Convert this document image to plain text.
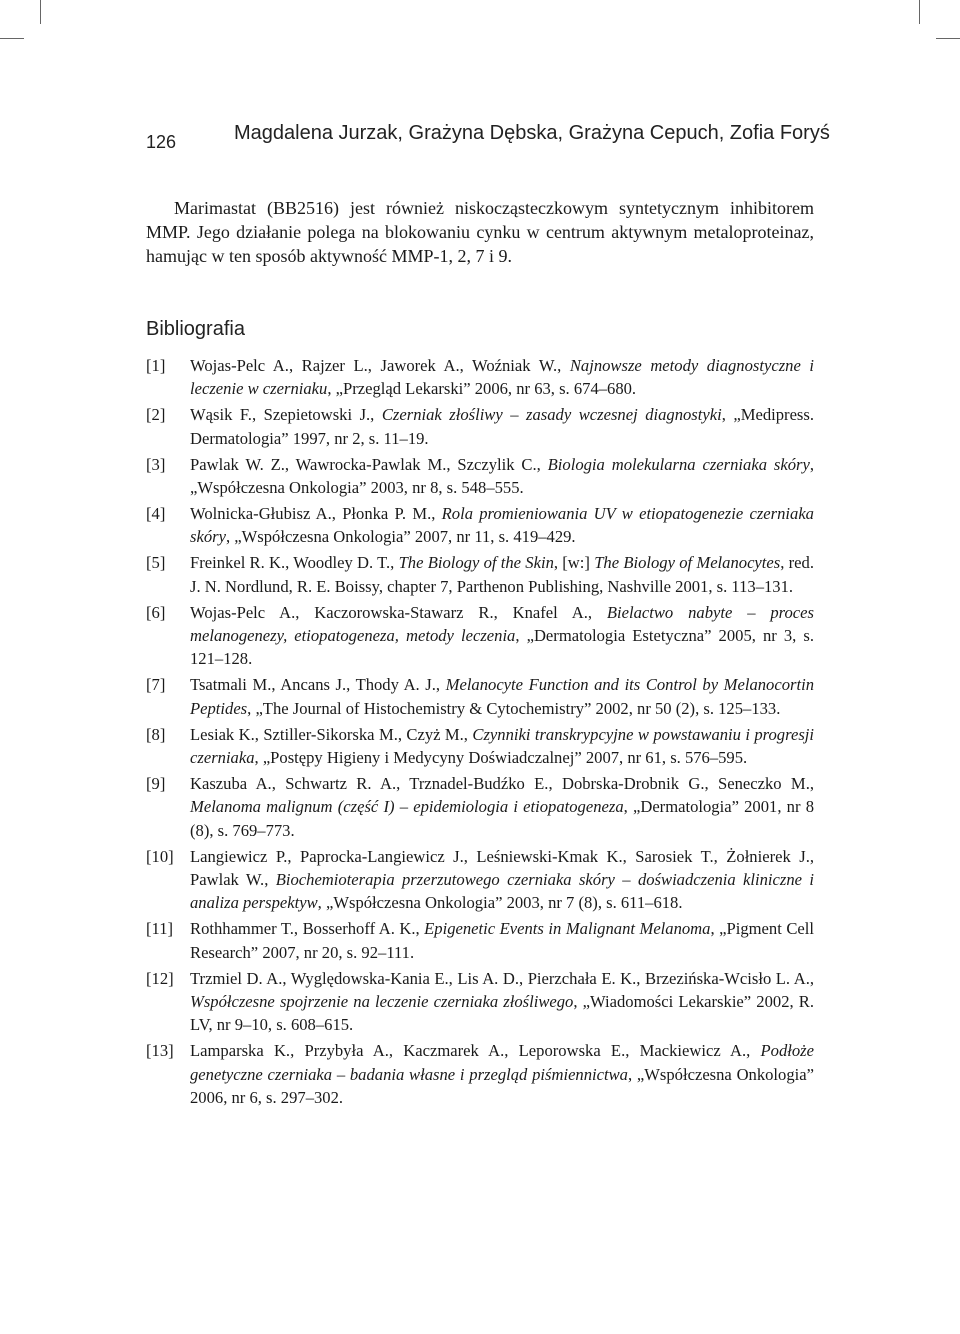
126	Magdalena Jurzak, Grażyna Dębska, Grażyna Cepuch, Zofia Foryś

Marimastat (BB2516) jest również niskocząsteczkowym syntetycznym inhibitorem MMP. Jego działanie polega na blokowaniu cynku w centrum aktywnym metaloproteinaz, hamując w ten sposób aktywność MMP-1, 2, 7 i 9.

Bibliografia
[1] Wojas-Pelc A., Rajzer L., Jaworek A., Woźniak W., Najnowsze metody diagnostyczne i leczenie w czerniaku, „Przegląd Lekarski” 2006, nr 63, s. 674–680.
[2] Wąsik F., Szepietowski J., Czerniak złośliwy – zasady wczesnej diagnostyki, „Medipress. Dermatologia” 1997, nr 2, s. 11–19.
[3] Pawlak W. Z., Wawrocka-Pawlak M., Szczylik C., Biologia molekularna czerniaka skóry, „Współczesna Onkologia” 2003, nr 8, s. 548–555.
[4] Wolnicka-Głubisz A., Płonka P. M., Rola promieniowania UV w etiopatogenezie czerniaka skóry, „Współczesna Onkologia” 2007, nr 11, s. 419–429.
[5] Freinkel R. K., Woodley D. T., The Biology of the Skin, [w:] The Biology of Melanocytes, red. J. N. Nordlund, R. E. Boissy, chapter 7, Parthenon Publishing, Nashville 2001, s. 113–131.
[6] Wojas-Pelc A., Kaczorowska-Stawarz R., Knafel A., Bielactwo nabyte – proces melanogenezy, etiopatogeneza, metody leczenia, „Dermatologia Estetyczna” 2005, nr 3, s. 121–128.
[7] Tsatmali M., Ancans J., Thody A. J., Melanocyte Function and its Control by Melanocortin Peptides, „The Journal of Histochemistry & Cytochemistry” 2002, nr 50 (2), s. 125–133.
[8] Lesiak K., Sztiller-Sikorska M., Czyż M., Czynniki transkrypcyjne w powstawaniu i progresji czerniaka, „Postępy Higieny i Medycyny Doświadczalnej” 2007, nr 61, s. 576–595.
[9] Kaszuba A., Schwartz R. A., Trznadel-Budźko E., Dobrska-Drobnik G., Seneczko M., Melanoma malignum (część I) – epidemiologia i etiopatogeneza, „Dermatologia” 2001, nr 8 (8), s. 769–773.
[10] Langiewicz P., Paprocka-Langiewicz J., Leśniewski-Kmak K., Sarosiek T., Żołnierek J., Pawlak W., Biochemioterapia przerzutowego czerniaka skóry – doświadczenia kliniczne i analiza perspektyw, „Współczesna Onkologia” 2003, nr 7 (8), s. 611–618.
[11] Rothhammer T., Bosserhoff A. K., Epigenetic Events in Malignant Melanoma, „Pigment Cell Research” 2007, nr 20, s. 92–111.
[12] Trzmiel D. A., Wyględowska-Kania E., Lis A. D., Pierzchała E. K., Brzezińska-Wcisło L. A., Współczesne spojrzenie na leczenie czerniaka złośliwego, „Wiadomości Lekarskie” 2002, R. LV, nr 9–10, s. 608–615.
[13] Lamparska K., Przybyła A., Kaczmarek A., Leporowska E., Mackiewicz A., Podłoże genetyczne czerniaka – badania własne i przegląd piśmiennictwa, „Współczesna Onkologia” 2006, nr 6, s. 297–302.
